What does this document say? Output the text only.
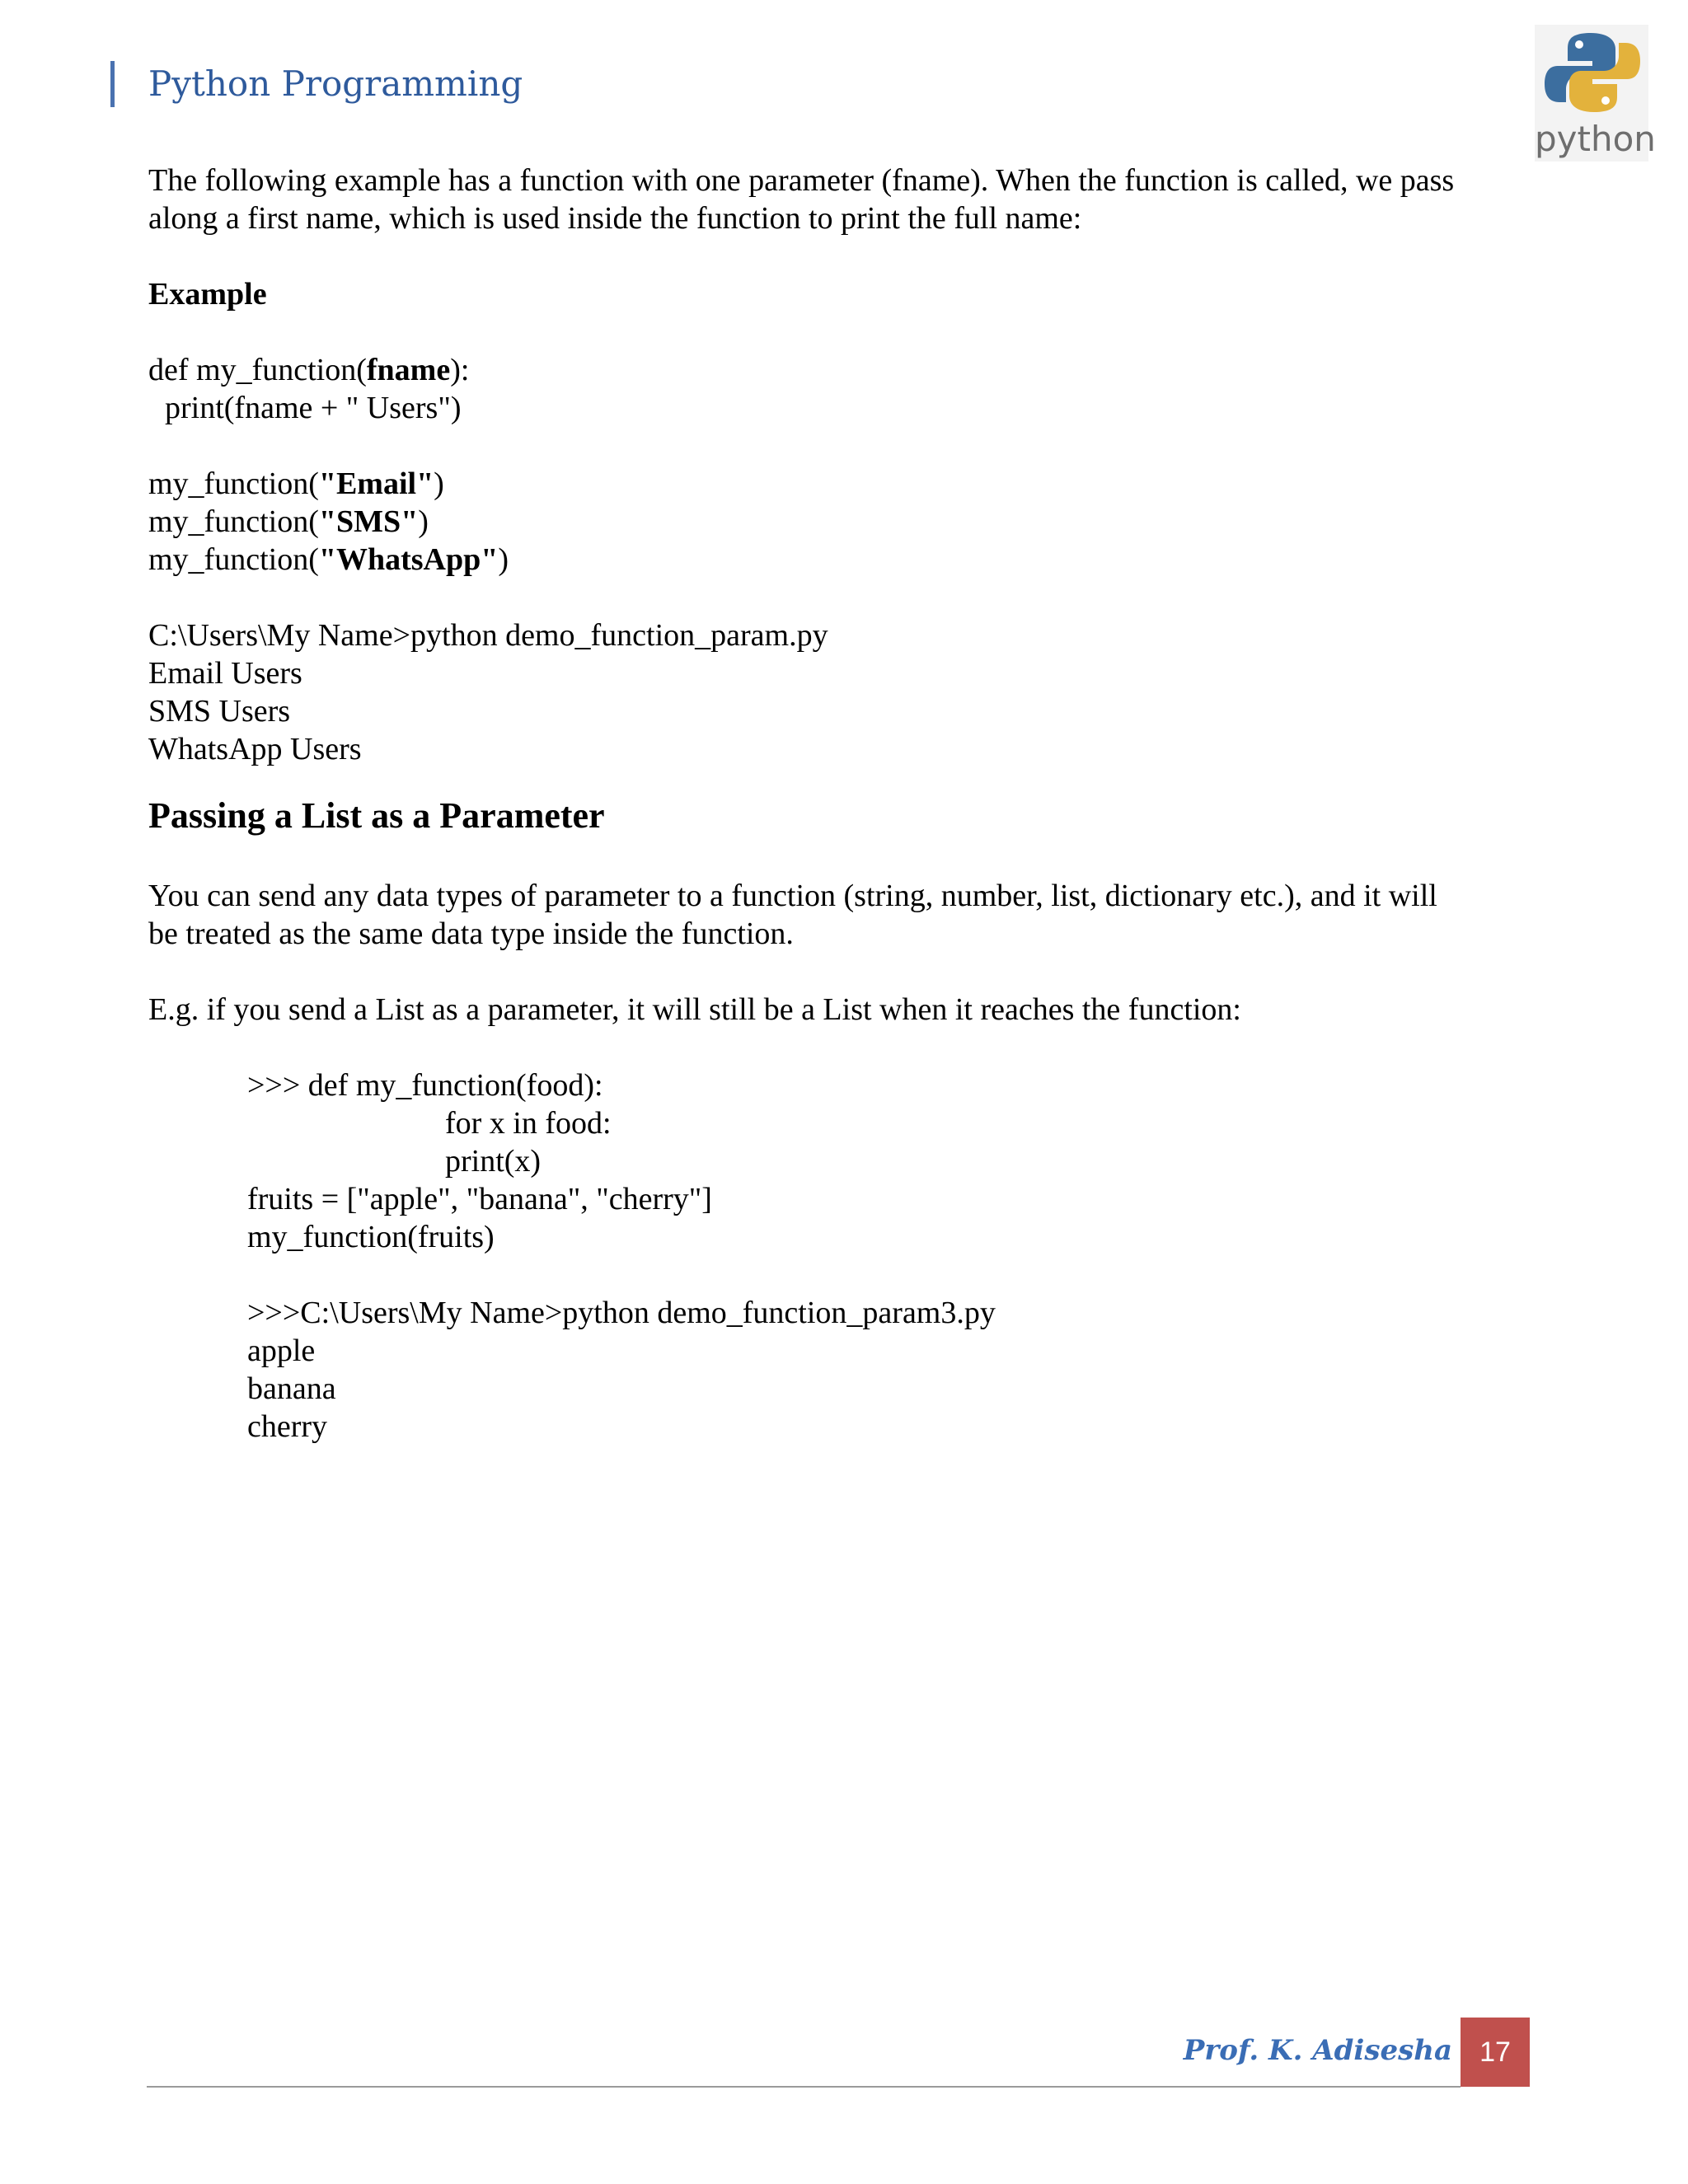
Python Programming
python

The following example has a function with one parameter (fname). When the function is called, we pass

along a first name, which is used inside the function to print the full name:

Example

def my_function(fname):

print(fname + " Users")

my_function("Email")

my_function("SMS")

my_function("WhatsApp")

C:\Users\My Name>python demo_function_param.py

Email Users

SMS Users

WhatsApp Users

Passing a List as a Parameter

You can send any data types of parameter to a function (string, number, list, dictionary etc.), and it will

be treated as the same data type inside the function.

E.g. if you send a List as a parameter, it will still be a List when it reaches the function:

>>> def my_function(food):

for x in food:

print(x)

fruits = ["apple", "banana", "cherry"]

my_function(fruits)

>>>C:\Users\My Name>python demo_function_param3.py

apple

banana

cherry

Prof. K. Adisesha 17
